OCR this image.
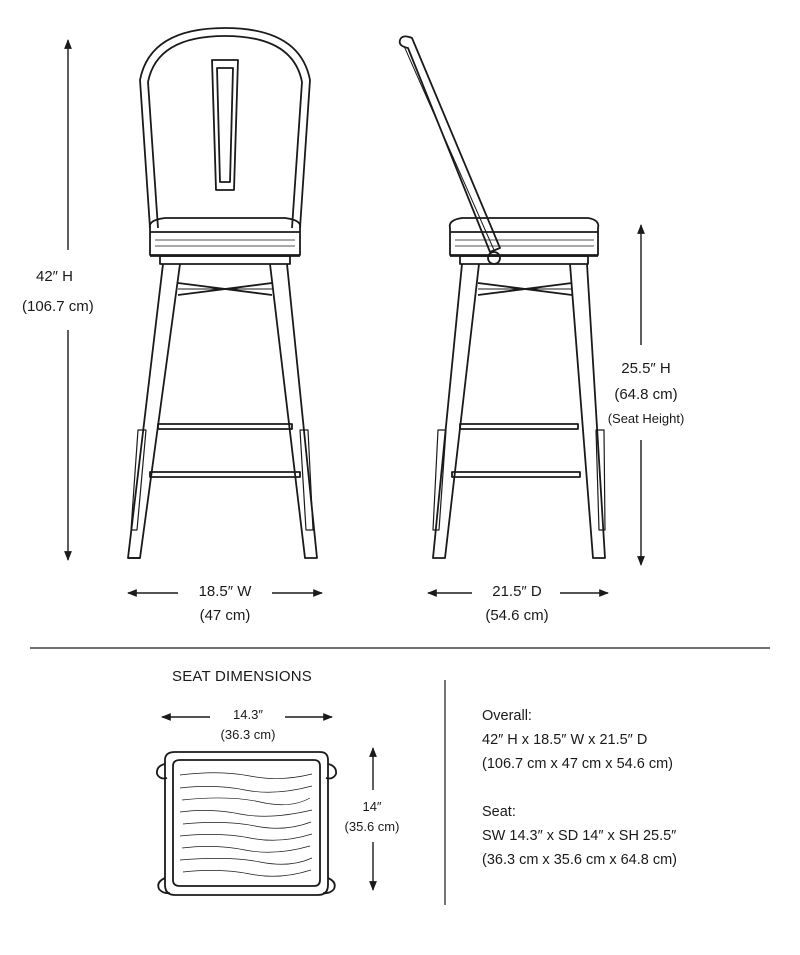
42″ H
(106.7 cm)
18.5″ W
(47 cm)
21.5″ D
(54.6 cm)
25.5″ H
(64.8 cm)
(Seat Height)
SEAT DIMENSIONS
14.3″
(36.3 cm)
14″
(35.6 cm)
Overall:
42″ H x 18.5″ W x 21.5″ D
(106.7 cm x 47 cm x 54.6 cm)
Seat:
SW 14.3″ x SD 14″ x SH 25.5″
(36.3 cm x 35.6 cm x 64.8 cm)
